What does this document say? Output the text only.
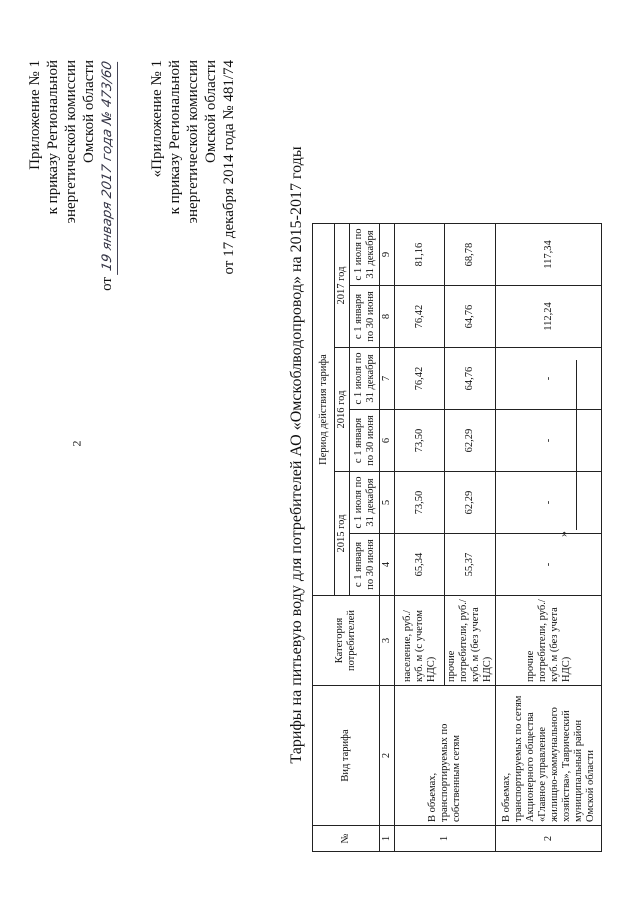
2
Приложение № 1 к приказу Региональной энергетической комиссии Омской области
от 19 января 2017 года № 473/60 «Приложение № 1 к приказу Региональной энергетической комиссии Омской области от 17 декабря 2014 года № 481/74	Тарифы на питьевую воду для потребителей АО «Омскоблводопровод» на 2015-2017 годы
№	Вид тарифа	Категория потребителей	Период действия тарифа					
			2015 год		2016 год		2017 год	
			с 1 января по 30 июня	с 1 июля по 31 декабря	с 1 января по 30 июня	с 1 июля по 31 декабря	с 1 января по 30 июня	с 1 июля по 31 декабря
1	2	3	4	5	6	7	8	9
1	В объемах, транспортируемых по собственным сетям	население, руб./куб. м (с учетом НДС)	65,34	73,50	73,50	76,42	76,42	81,16
		прочие потребители, руб./куб. м (без учета НДС)	55,37	62,29	62,29	64,76	64,76	68,78
2	В объемах, транспортируемых по сетям Акционерного общества «Главное управление жилищно-коммунального хозяйства», Таврический муниципальный район Омской области	прочие потребители, руб./куб. м (без учета НДС)	-	-	-	-	112,24	117,34
»
